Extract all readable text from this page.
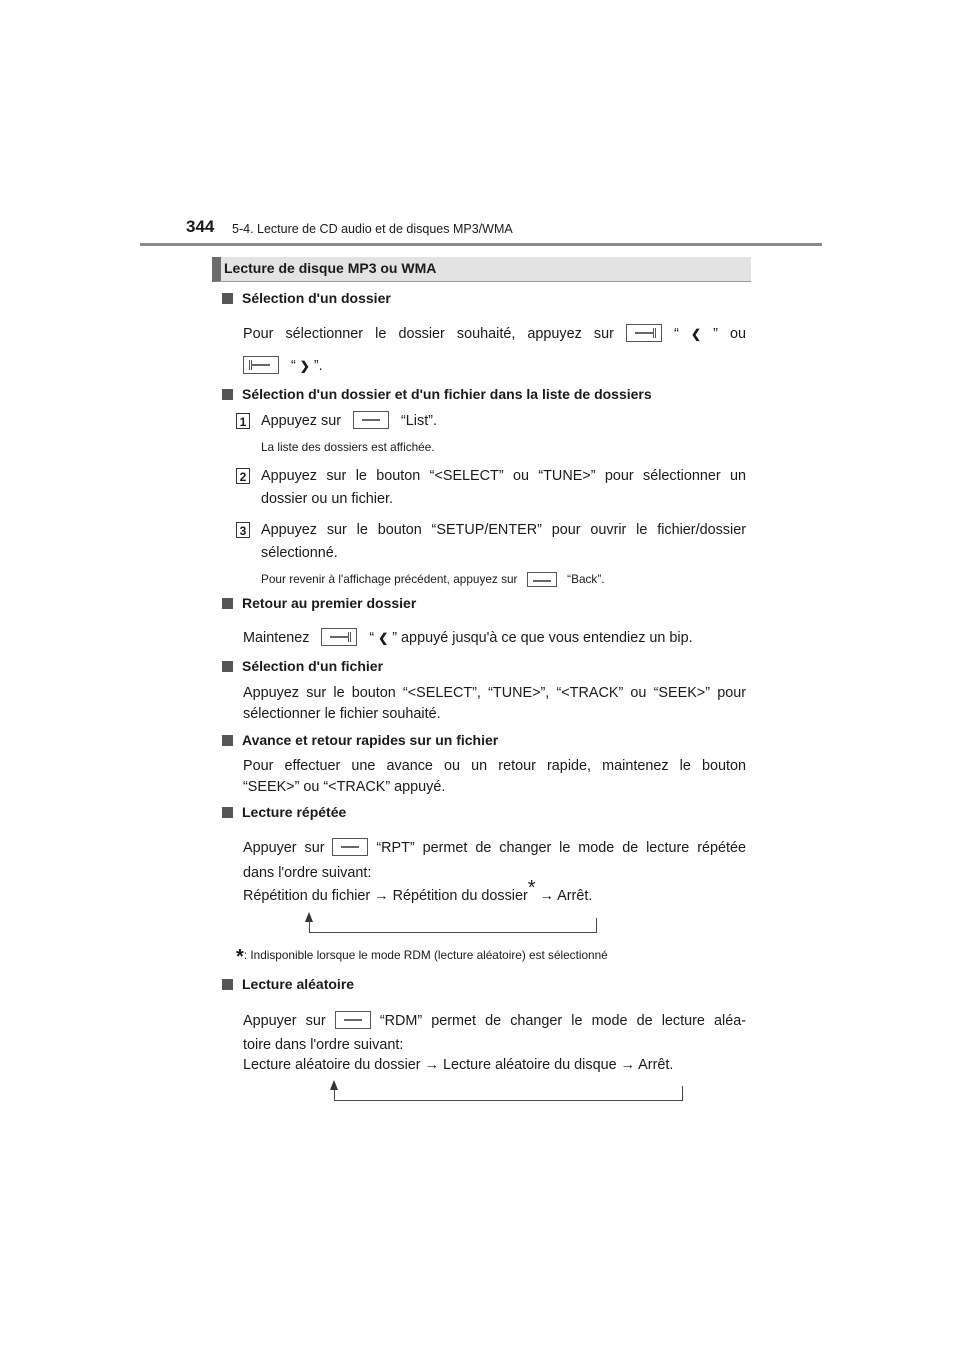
344 5-4. Lecture de CD audio et de disques MP3/WMA
Lecture de disque MP3 ou WMA
Sélection d'un dossier
Pour sélectionner le dossier souhaité, appuyez sur	“ ❮ ” ou
“ ❯ ”.
Sélection d'un dossier et d'un fichier dans la liste de dossiers
1 Appuyez sur	“List”.
La liste des dossiers est affichée.
2 Appuyez sur le bouton “<SELECT” ou “TUNE>” pour sélectionner un
dossier ou un fichier.
3 Appuyez sur le bouton “SETUP/ENTER” pour ouvrir le fichier/dossier
sélectionné.
Pour revenir à l'affichage précédent, appuyez sur	“Back”.
Retour au premier dossier
Maintenez	“ ❮ ” appuyé jusqu'à ce que vous entendiez un bip.
Sélection d'un fichier
Appuyez sur le bouton “<SELECT”, “TUNE>”, “<TRACK” ou “SEEK>” pour
sélectionner le fichier souhaité.
Avance et retour rapides sur un fichier
Pour effectuer une avance ou un retour rapide, maintenez le bouton
“SEEK>” ou “<TRACK” appuyé.
Lecture répétée
Appuyer sur	“RPT” permet de changer le mode de lecture répétée
dans l'ordre suivant:
Répétition du fichier → Répétition du dossier* → Arrêt.
*: Indisponible lorsque le mode RDM (lecture aléatoire) est sélectionné
Lecture aléatoire
Appuyer sur	“RDM” permet de changer le mode de lecture aléa-
toire dans l'ordre suivant:
Lecture aléatoire du dossier → Lecture aléatoire du disque → Arrêt.
